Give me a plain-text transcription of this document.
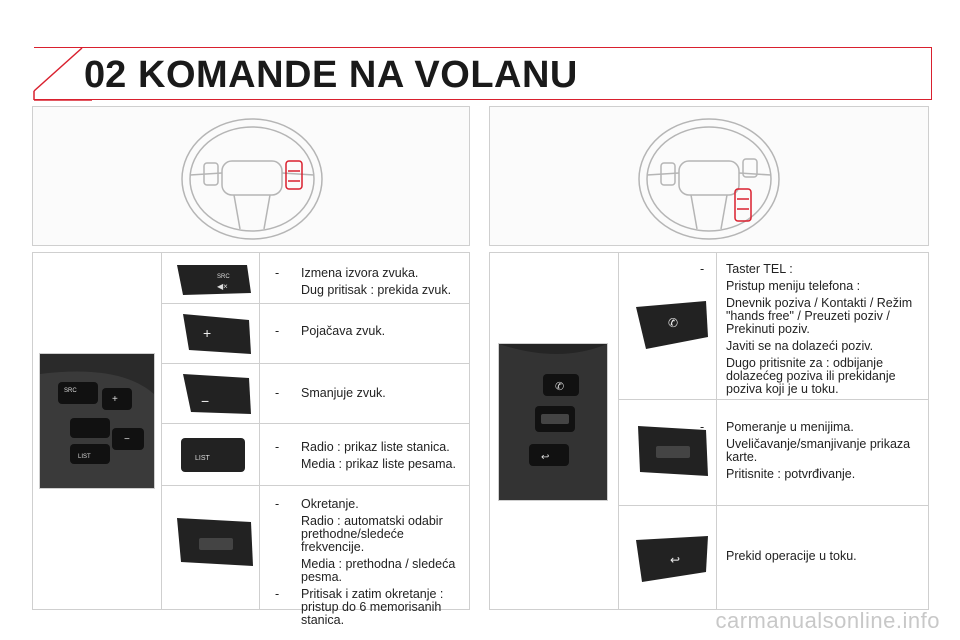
02 KOMANDE NA VOLANU
SRC
+
−
LIST
SRC
◀×
+
−
LIST
-	Izmena izvora zvuka.
Dug pritisak : prekida zvuk.
-	Pojačava zvuk.
-	Smanjuje zvuk.
-	Radio : prikaz liste stanica.
Media : prikaz liste pesama.
-	Okretanje.
Radio : automatski odabir prethodne/sledeće frekvencije.
Media : prethodna / sledeća pesma.
-	Pritisak i zatim okretanje : pristup do 6 memorisanih stanica.
✆
↩
✆
↩
-	Taster TEL :
Pristup meniju telefona :
Dnevnik poziva / Kontakti / Režim "hands free" / Preuzeti poziv / Prekinuti poziv.
Javiti se na dolazeći poziv.
Dugo pritisnite za : odbijanje dolazećeg poziva ili prekidanje poziva koji je u toku.
-	Pomeranje u menijima.
Uveličavanje/smanjivanje prikaza karte.
Pritisnite : potvrđivanje.
-	Prekid operacije u toku.
carmanualsonline.info
